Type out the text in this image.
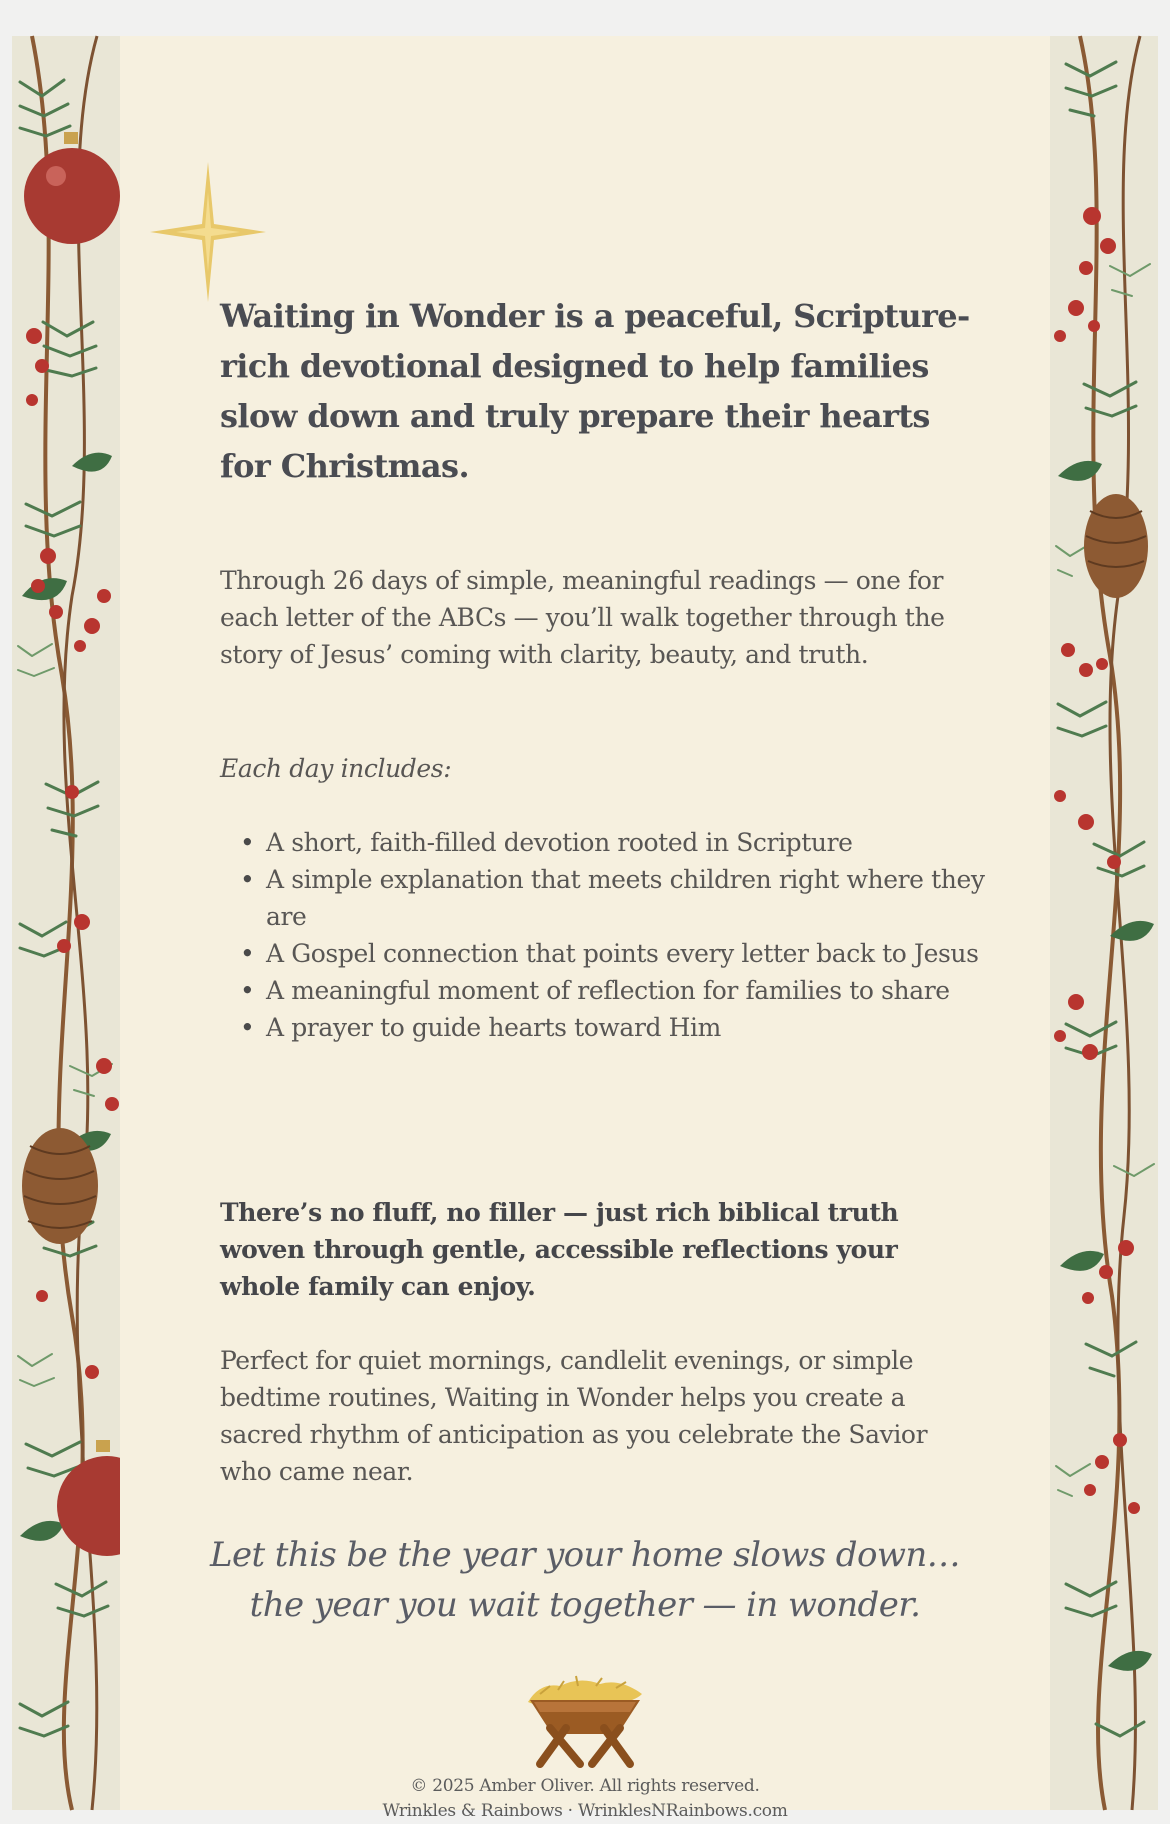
Waiting in Wonder is a peaceful, Scripture-rich devotional designed to help families slow down and truly prepare their hearts for Christmas.

Through 26 days of simple, meaningful readings — one for each letter of the ABCs — you’ll walk together through the story of Jesus’ coming with clarity, beauty, and truth.

Each day includes:

• A short, faith-filled devotion rooted in Scripture
• A simple explanation that meets children right where they are
• A Gospel connection that points every letter back to Jesus
• A meaningful moment of reflection for families to share
• A prayer to guide hearts toward Him

There’s no fluff, no filler — just rich biblical truth woven through gentle, accessible reflections your whole family can enjoy.

Perfect for quiet mornings, candlelit evenings, or simple bedtime routines, Waiting in Wonder helps you create a sacred rhythm of anticipation as you celebrate the Savior who came near.

Let this be the year your home slows down…
the year you wait together — in wonder.
© 2025 Amber Oliver. All rights reserved.
Wrinkles & Rainbows · WrinklesNRainbows.com
